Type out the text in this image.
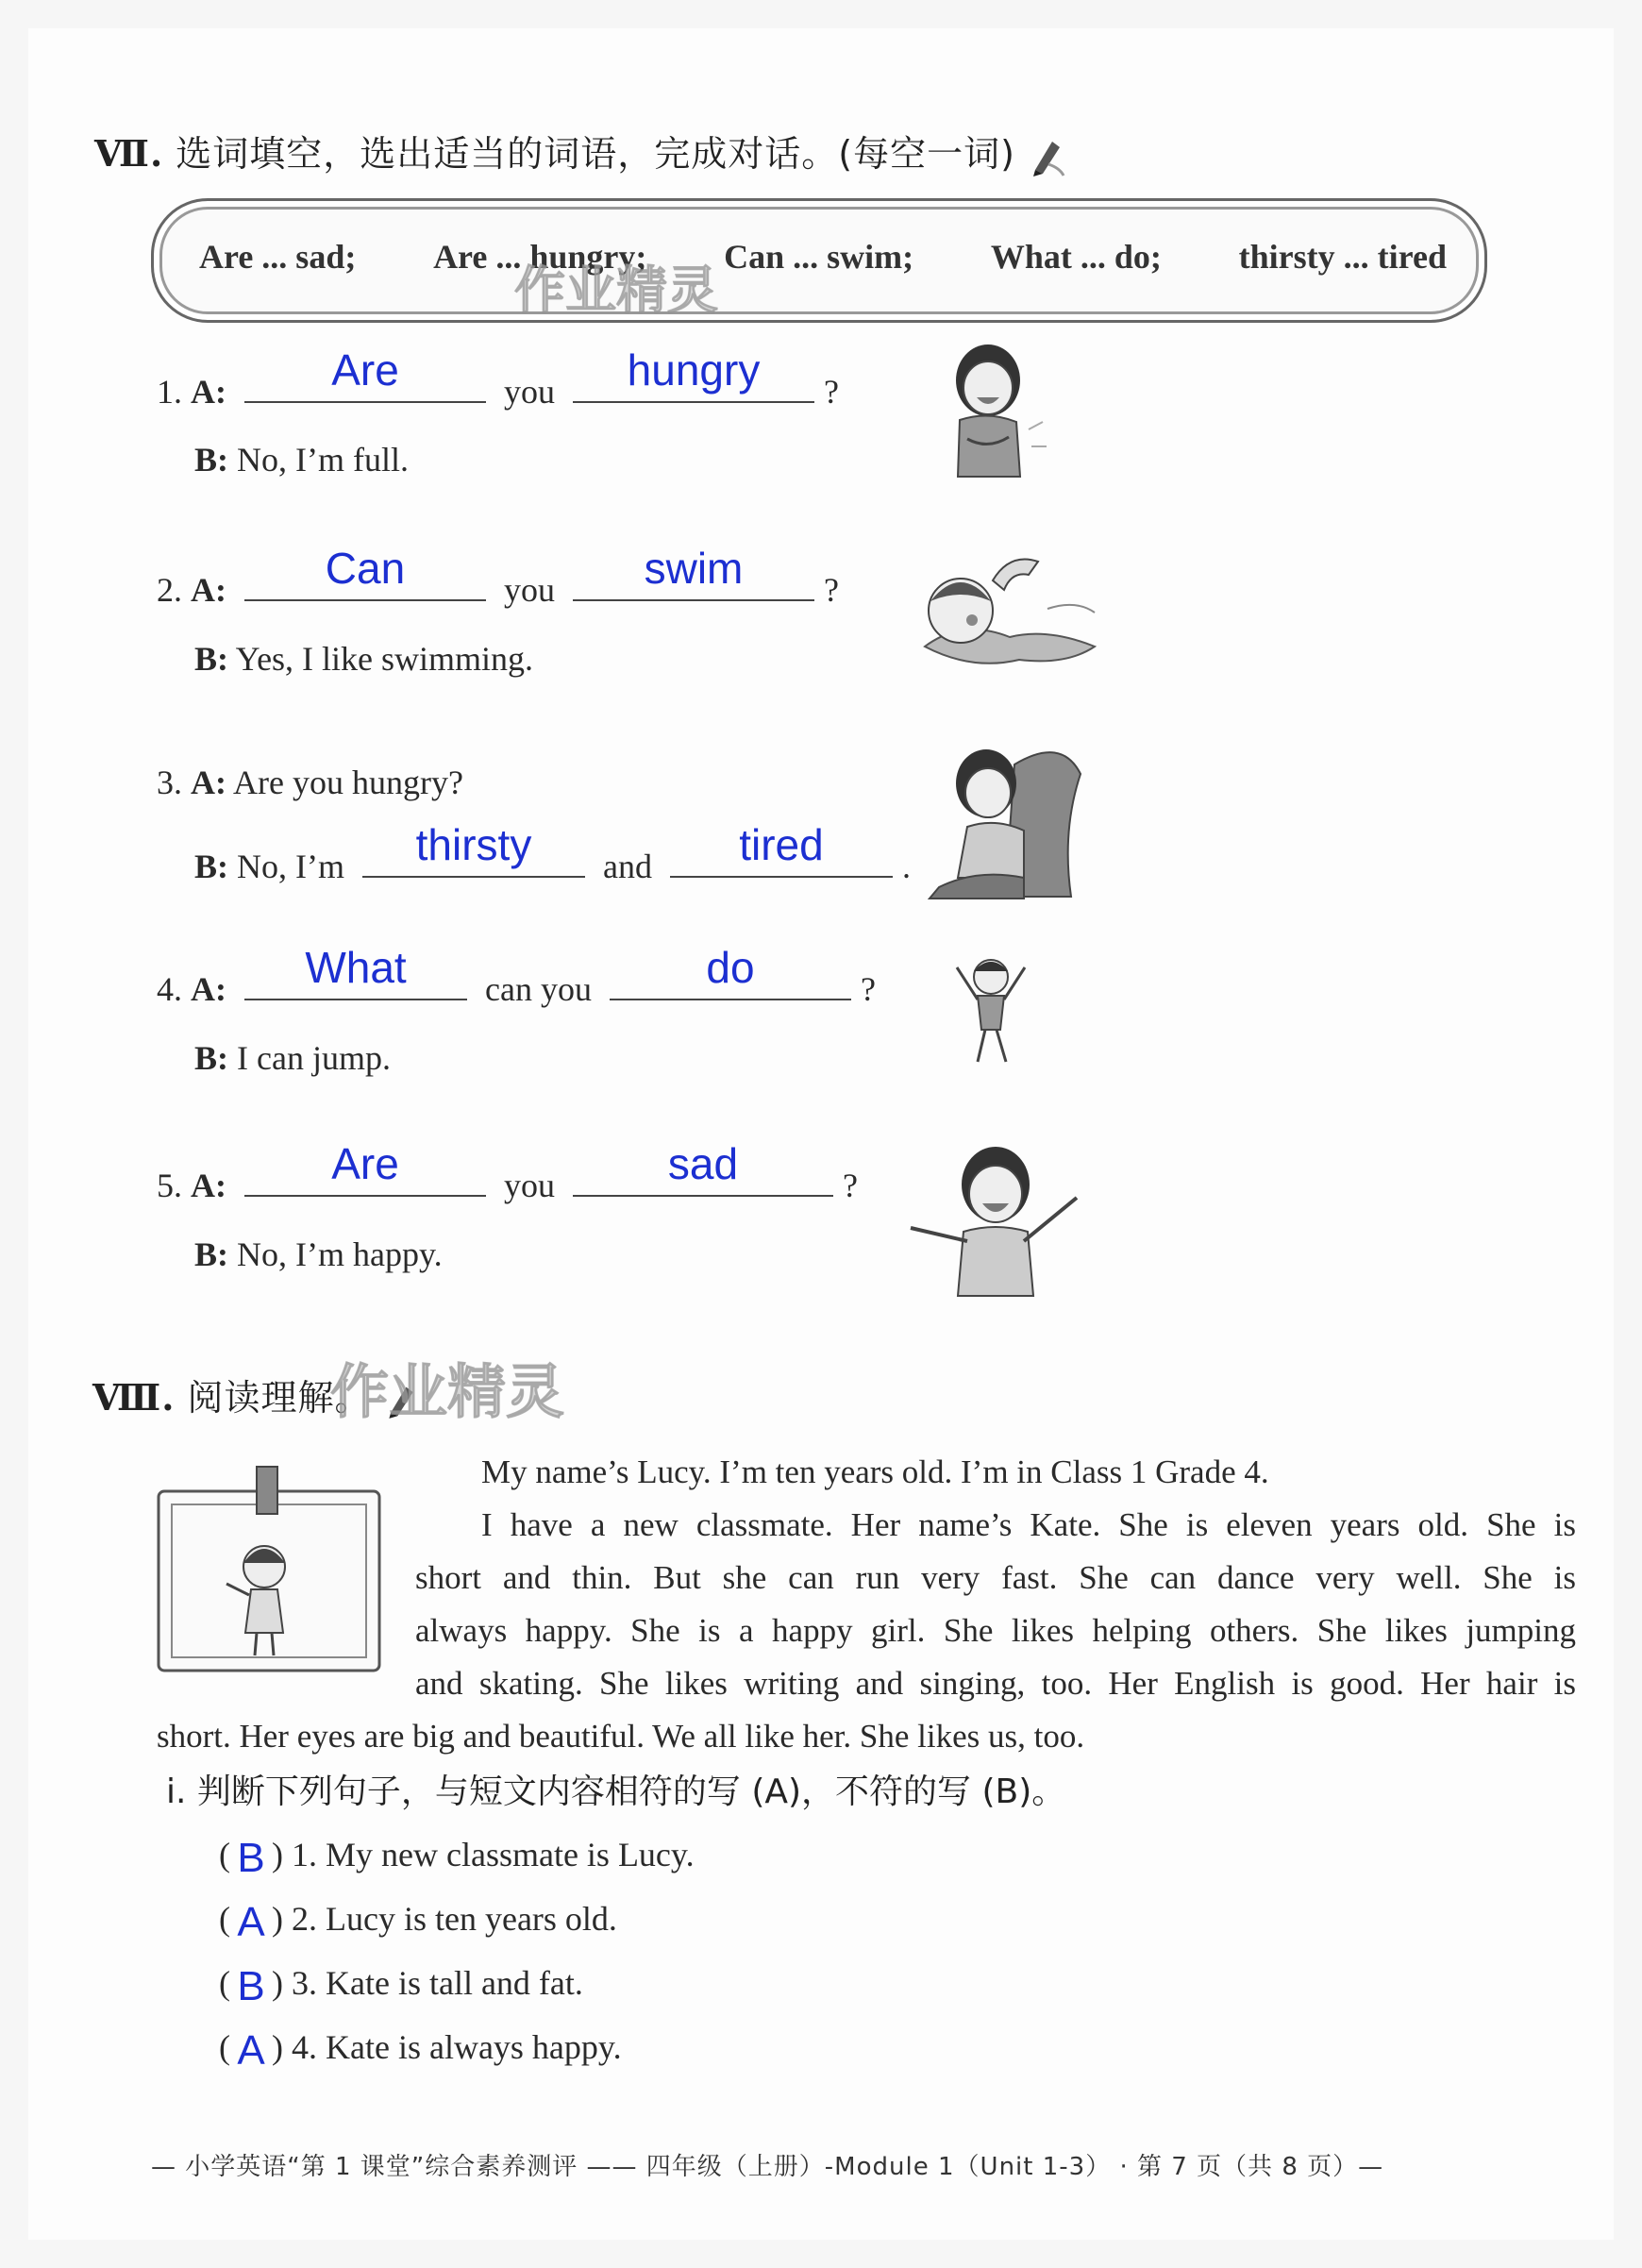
Ⅶ. 选词填空，选出适当的词语，完成对话。(每空一词)
Are ... sad; Are ... hungry; Can ... swim; What ... do; thirsty ... tired
作业精灵
1. A:	Are	you	hungry	?
B: No, I’m full.
2. A:	Can	you	swim	?
B: Yes, I like swimming.
3. A: Are you hungry?
B: No, I’m	thirsty	and	tired	.
4. A:	What	can you	do	?
B: I can jump.
5. A:	Are	you	sad	?
B: No, I’m happy.
Ⅷ. 阅读理解。
作业精灵
My name’s Lucy. I’m ten years old. I’m in Class 1 Grade 4.
I have a new classmate. Her name’s Kate. She is eleven years old. She is
short and thin. But she can run very fast. She can dance very well. She is
always happy. She is a happy girl. She likes helping others. She likes jumping
and skating. She likes writing and singing, too. Her English is good. Her hair is
short. Her eyes are big and beautiful. We all like her. She likes us, too.
ⅰ. 判断下列句子，与短文内容相符的写 (A)，不符的写 (B)。
( B ) 1. My new classmate is Lucy.
( A ) 2. Lucy is ten years old.
( B ) 3. Kate is tall and fat.
( A ) 4. Kate is always happy.
— 小学英语“第 1 课堂”综合素养测评 —— 四年级（上册）-Module 1（Unit 1-3） · 第 7 页（共 8 页）—
